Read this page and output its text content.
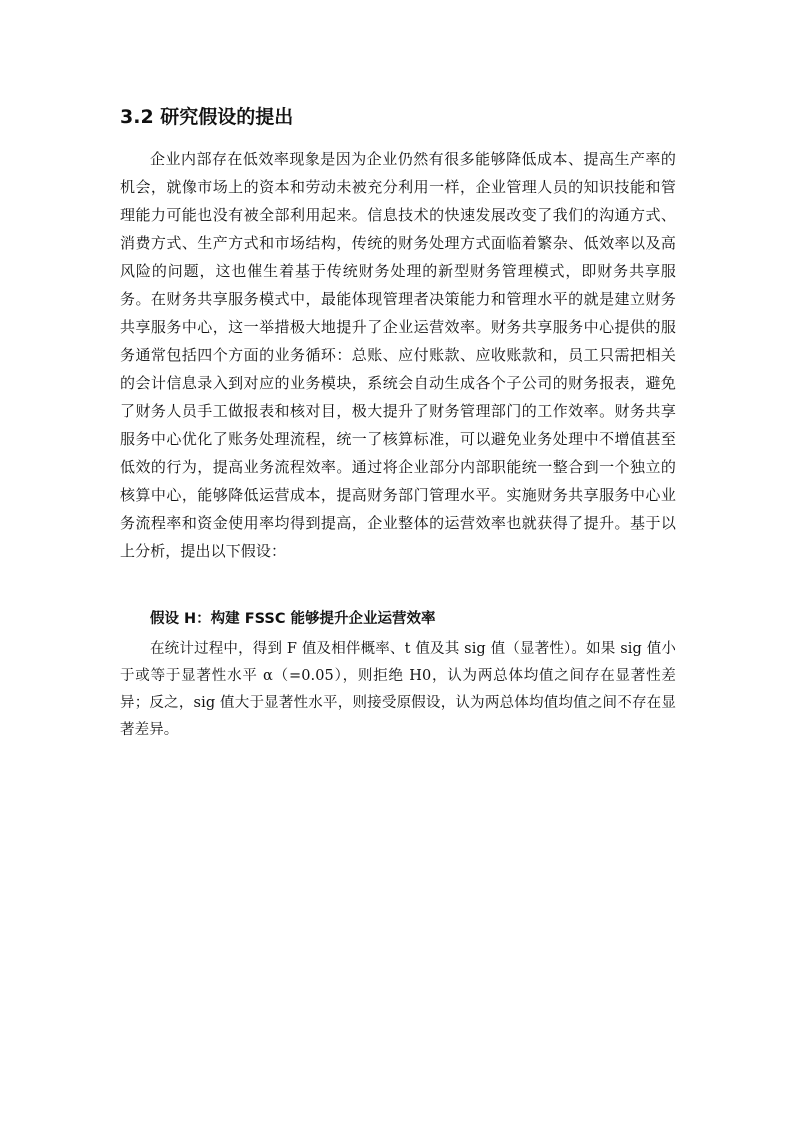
3.2 研究假设的提出

企业内部存在低效率现象是因为企业仍然有很多能够降低成本、提高生产率的机会，就像市场上的资本和劳动未被充分利用一样，企业管理人员的知识技能和管理能力可能也没有被全部利用起来。信息技术的快速发展改变了我们的沟通方式、消费方式、生产方式和市场结构，传统的财务处理方式面临着繁杂、低效率以及高风险的问题，这也催生着基于传统财务处理的新型财务管理模式，即财务共享服务。在财务共享服务模式中，最能体现管理者决策能力和管理水平的就是建立财务共享服务中心，这一举措极大地提升了企业运营效率。财务共享服务中心提供的服务通常包括四个方面的业务循环：总账、应付账款、应收账款和，员工只需把相关的会计信息录入到对应的业务模块，系统会自动生成各个子公司的财务报表，避免了财务人员手工做报表和核对目，极大提升了财务管理部门的工作效率。财务共享服务中心优化了账务处理流程，统一了核算标准，可以避免业务处理中不增值甚至低效的行为，提高业务流程效率。通过将企业部分内部职能统一整合到一个独立的核算中心，能够降低运营成本，提高财务部门管理水平。实施财务共享服务中心业务流程率和资金使用率均得到提高，企业整体的运营效率也就获得了提升。基于以上分析，提出以下假设：

假设 H：构建 FSSC 能够提升企业运营效率

在统计过程中，得到 F 值及相伴概率、t 值及其 sig 值（显著性）。如果 sig 值小于或等于显著性水平 α（=0.05），则拒绝 H0，认为两总体均值之间存在显著性差异；反之，sig 值大于显著性水平，则接受原假设，认为两总体均值均值之间不存在显著差异。
